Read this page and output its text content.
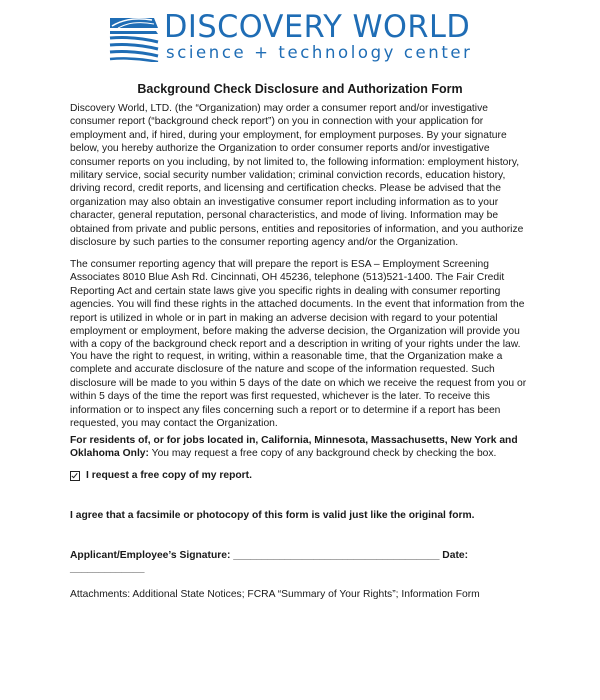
DISCOVERY WORLD
science + technology center
Background Check Disclosure and Authorization Form

Discovery World, LTD. (the “Organization) may order a consumer report and/or investigative consumer report (“background check report”) on you in connection with your application for employment and, if hired, during your employment, for employment purposes. By your signature below, you hereby authorize the Organization to order consumer reports and/or investigative consumer reports on you including, by not limited to, the following information: employment history, military service, social security number validation; criminal conviction records, education history, driving record, credit reports, and licensing and certification checks. Please be advised that the organization may also obtain an investigative consumer report including information as to your character, general reputation, personal characteristics, and mode of living. Information may be obtained from private and public persons, entities and repositories of information, and you authorize disclosure by such parties to the consumer reporting agency and/or the Organization.

The consumer reporting agency that will prepare the report is ESA – Employment Screening Associates 8010 Blue Ash Rd. Cincinnati, OH 45236, telephone (513)521-1400. The Fair Credit Reporting Act and certain state laws give you specific rights in dealing with consumer reporting agencies. You will find these rights in the attached documents. In the event that information from the report is utilized in whole or in part in making an adverse decision with regard to your potential employment or employment, before making the adverse decision, the Organization will provide you with a copy of the background check report and a description in writing of your rights under the law.

You have the right to request, in writing, within a reasonable time, that the Organization make a complete and accurate disclosure of the nature and scope of the information requested. Such disclosure will be made to you within 5 days of the date on which we receive the request from you or within 5 days of the time the report was first requested, whichever is the later. To receive this information or to inspect any files concerning such a report or to determine if a report has been requested, you may contact the Organization.

For residents of, or for jobs located in, California, Minnesota, Massachusetts, New York and Oklahoma Only: You may request a free copy of any background check by checking the box.

I request a free copy of my report.

I agree that a facsimile or photocopy of this form is valid just like the original form.

Applicant/Employee’s Signature: ____________________________________ Date: _____________

Attachments: Additional State Notices; FCRA “Summary of Your Rights”; Information Form
